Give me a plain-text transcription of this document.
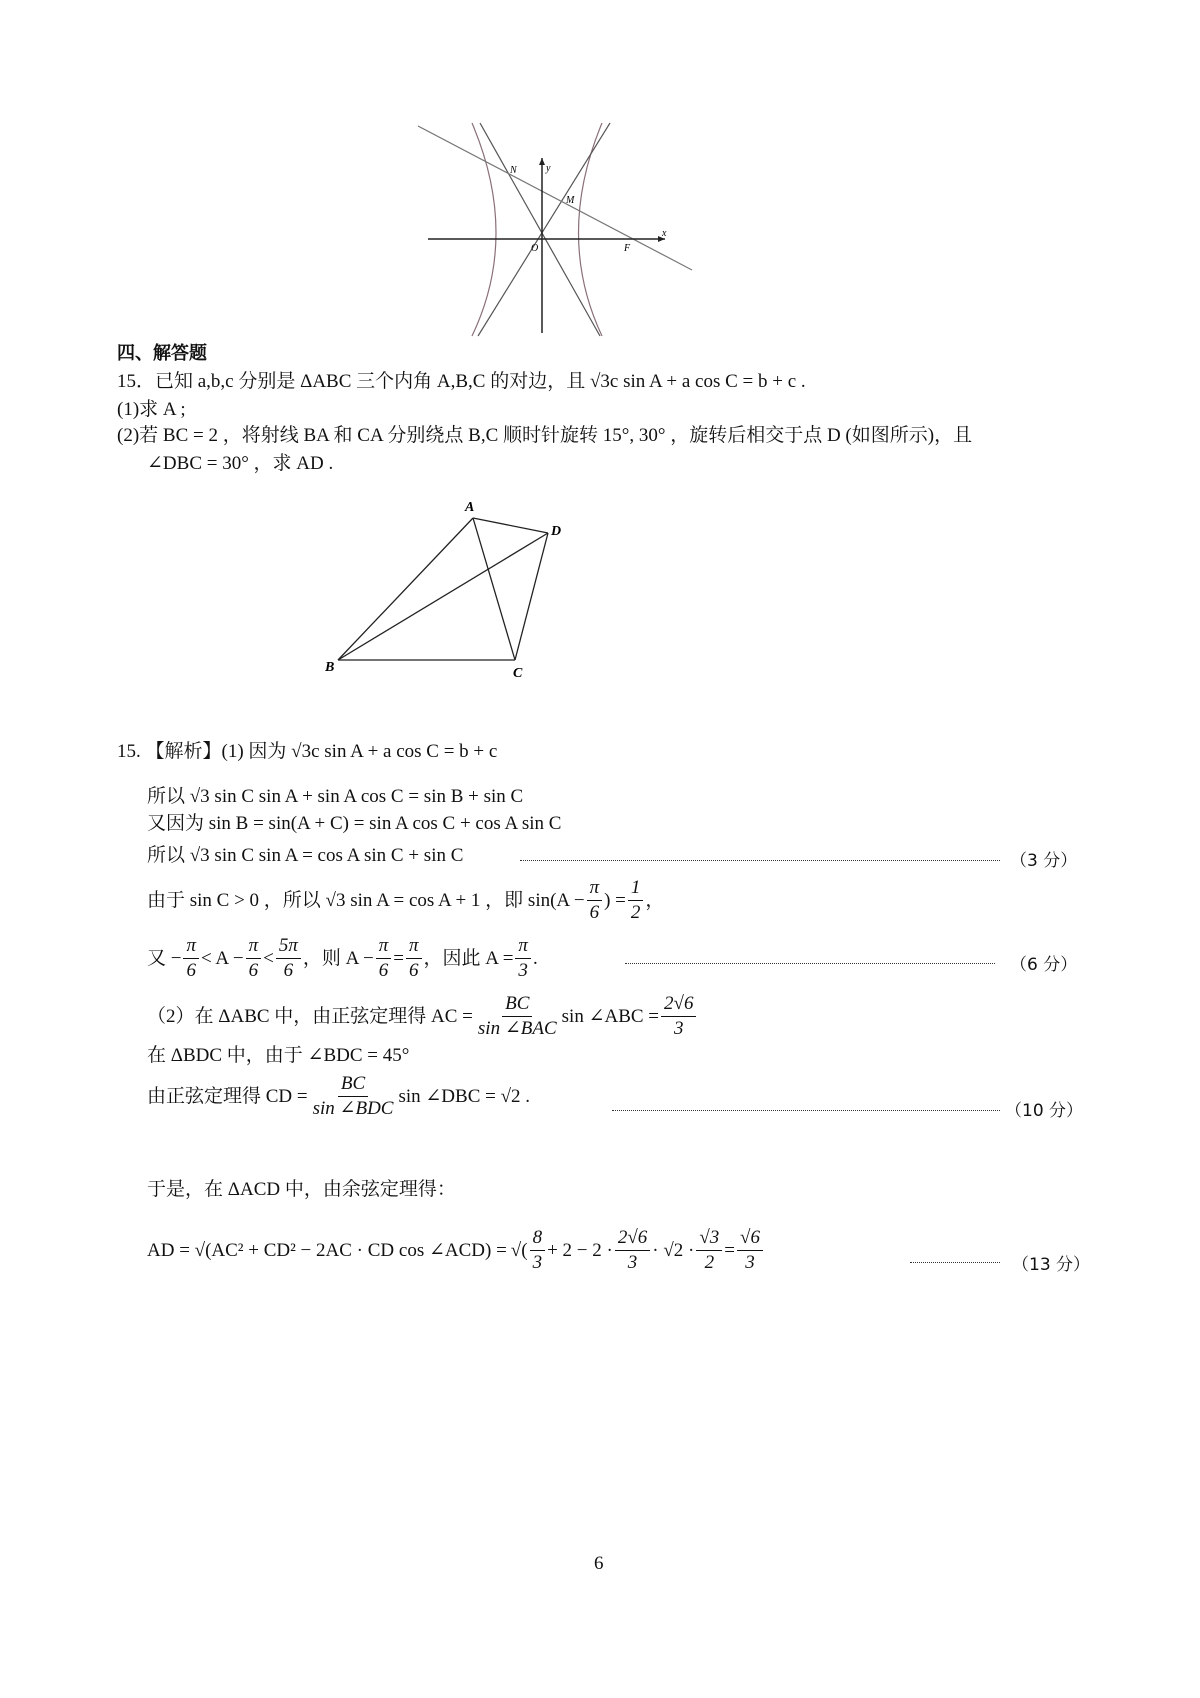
N	y
M
x
O	F
四、解答题
15．已知 a,b,c 分别是 ΔABC 三个内角 A,B,C 的对边，且 √3c sin A + a cos C = b + c .
(1)求 A ;
(2)若 BC = 2 ，将射线 BA 和 CA 分别绕点 B,C 顺时针旋转 15°, 30° ，旋转后相交于点 D (如图所示)，且
∠DBC = 30° ，求 AD .
A
D
B	C
15. 【解析】(1) 因为 √3c sin A + a cos C = b + c
所以 √3 sin C sin A + sin A cos C = sin B + sin C
又因为 sin B = sin(A + C) = sin A cos C + cos A sin C
所以 √3 sin C sin A = cos A sin C + sin C	（3 分）
由于 sin C > 0 ，所以 √3 sin A = cos A + 1 ，即 $\sin(A - \frac{\pi}{6}$ ) = $\frac{1}{2}$ ，
又 − $\frac{\pi}{6} < A - \frac{\pi}{6} < \frac{5\pi}{6}$ ，则 $A - \frac{\pi}{6} = \frac{\pi}{6}$ ，因此 $A = \frac{\pi}{3}$ .	（6 分）
（2）在 ΔABC 中，由正弦定理得 AC = $\frac{BC}{\text{sin ∠BAC}}$ sin ∠ABC = $\frac{2√6}{3}$
在 ΔBDC 中，由于 ∠BDC = 45°
由正弦定理得 CD = $\frac{BC}{\text{sin ∠BDC}}$ sin ∠DBC = √2 .
（10 分）
于是，在 ΔACD 中，由余弦定理得：
AD = √(AC² + CD² − 2AC · CD cos ∠ACD) = √( $\frac{8}{3} + 2 - 2 \cdot \frac{2√6}{3} \cdot √2 \cdot \frac{√3}{2} = \frac{√6}{3}$	（13 分）
6
